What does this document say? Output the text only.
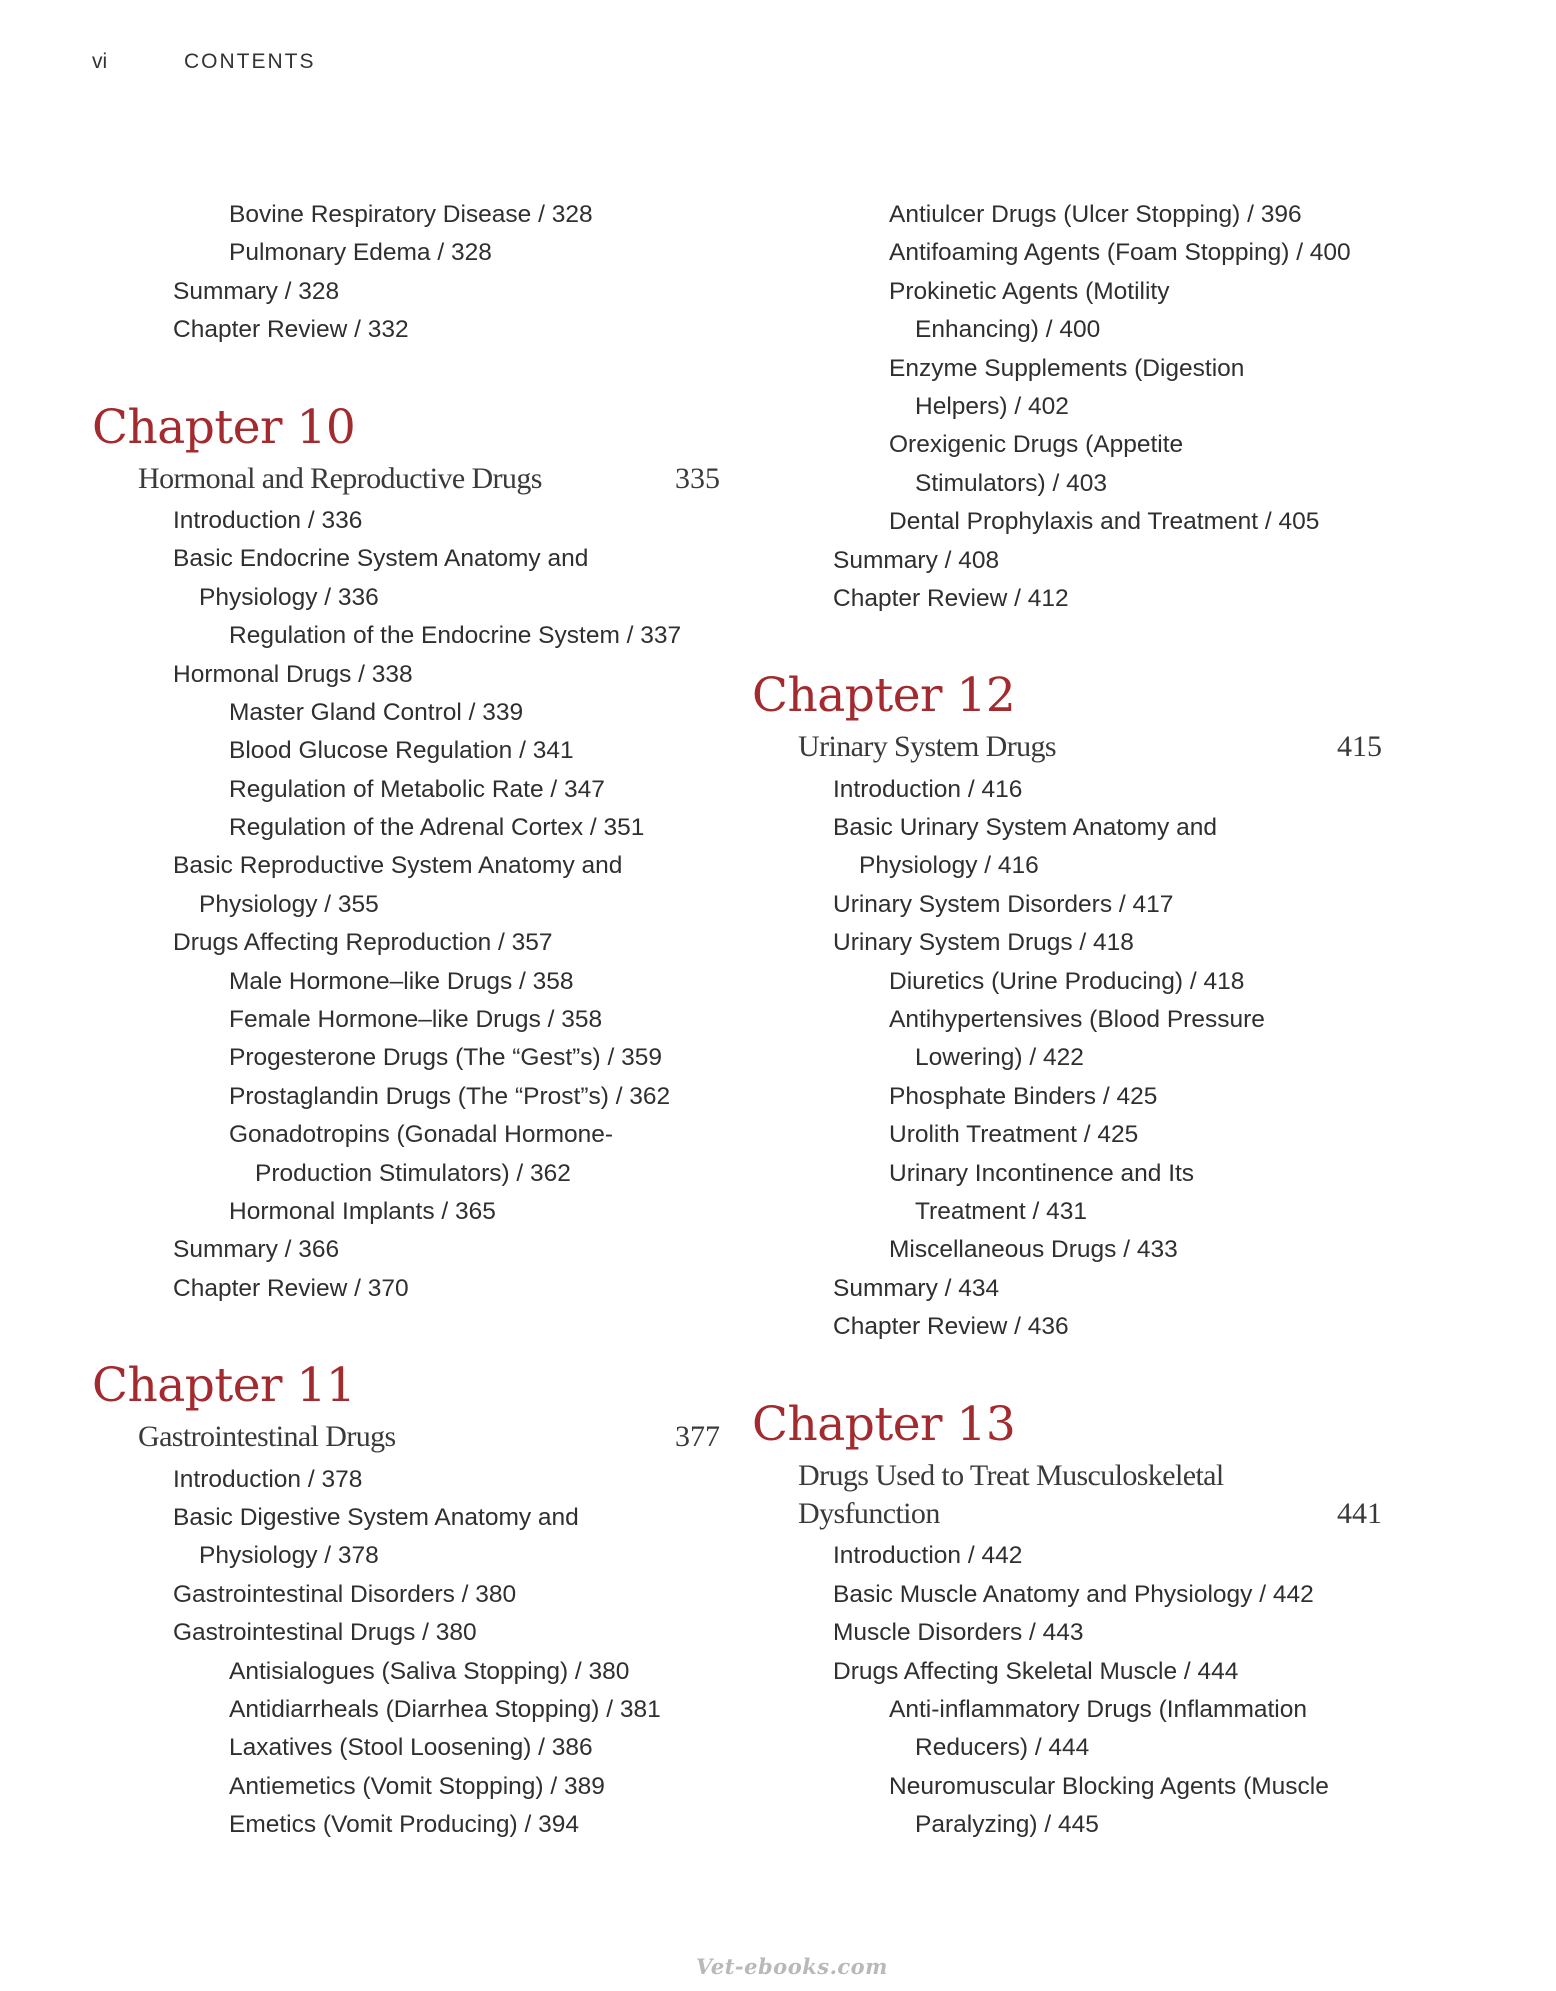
vi	CONTENTS
Bovine Respiratory Disease / 328
Pulmonary Edema / 328
Summary / 328
Chapter Review / 332
Chapter 10
Hormonal and Reproductive Drugs	335
Introduction / 336
Basic Endocrine System Anatomy and
Physiology / 336
Regulation of the Endocrine System / 337
Hormonal Drugs / 338
Master Gland Control / 339
Blood Glucose Regulation / 341
Regulation of Metabolic Rate / 347
Regulation of the Adrenal Cortex / 351
Basic Reproductive System Anatomy and
Physiology / 355
Drugs Affecting Reproduction / 357
Male Hormone–like Drugs / 358
Female Hormone–like Drugs / 358
Progesterone Drugs (The “Gest”s) / 359
Prostaglandin Drugs (The “Prost”s) / 362
Gonadotropins (Gonadal Hormone-
Production Stimulators) / 362
Hormonal Implants / 365
Summary / 366
Chapter Review / 370
Chapter 11
Gastrointestinal Drugs	377
Introduction / 378
Basic Digestive System Anatomy and
Physiology / 378
Gastrointestinal Disorders / 380
Gastrointestinal Drugs / 380
Antisialogues (Saliva Stopping) / 380
Antidiarrheals (Diarrhea Stopping) / 381
Laxatives (Stool Loosening) / 386
Antiemetics (Vomit Stopping) / 389
Emetics (Vomit Producing) / 394
Antiulcer Drugs (Ulcer Stopping) / 396
Antifoaming Agents (Foam Stopping) / 400
Prokinetic Agents (Motility
Enhancing) / 400
Enzyme Supplements (Digestion
Helpers) / 402
Orexigenic Drugs (Appetite
Stimulators) / 403
Dental Prophylaxis and Treatment / 405
Summary / 408
Chapter Review / 412
Chapter 12
Urinary System Drugs	415
Introduction / 416
Basic Urinary System Anatomy and
Physiology / 416
Urinary System Disorders / 417
Urinary System Drugs / 418
Diuretics (Urine Producing) / 418
Antihypertensives (Blood Pressure
Lowering) / 422
Phosphate Binders / 425
Urolith Treatment / 425
Urinary Incontinence and Its
Treatment / 431
Miscellaneous Drugs / 433
Summary / 434
Chapter Review / 436
Chapter 13
Drugs Used to Treat Musculoskeletal Dysfunction	441
Introduction / 442
Basic Muscle Anatomy and Physiology / 442
Muscle Disorders / 443
Drugs Affecting Skeletal Muscle / 444
Anti-inflammatory Drugs (Inflammation
Reducers) / 444
Neuromuscular Blocking Agents (Muscle
Paralyzing) / 445
Vet-ebooks.com
